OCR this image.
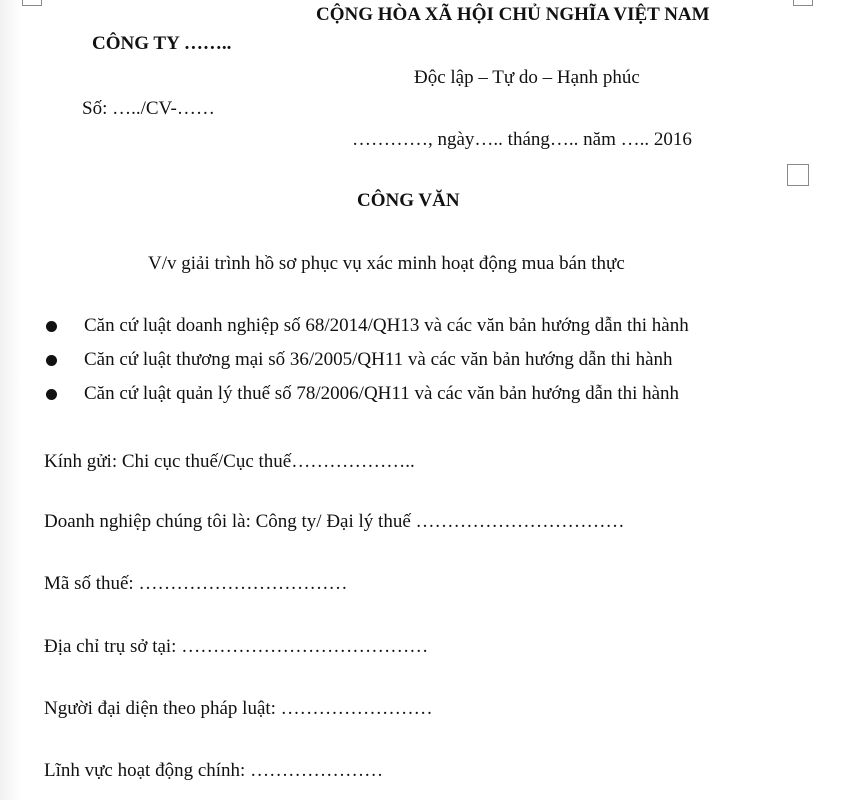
CỘNG HÒA XÃ HỘI CHỦ NGHĨA VIỆT NAM
CÔNG TY ……..
Độc lập – Tự do – Hạnh phúc
Số: …../CV-……
…………, ngày….. tháng….. năm ….. 2016
CÔNG VĂN
V/v giải trình hồ sơ phục vụ xác minh hoạt động mua bán thực
Căn cứ luật doanh nghiệp số 68/2014/QH13 và các văn bản hướng dẫn thi hành
Căn cứ luật thương mại số 36/2005/QH11 và các văn bản hướng dẫn thi hành
Căn cứ luật quản lý thuế số 78/2006/QH11 và các văn bản hướng dẫn thi hành
Kính gửi: Chi cục thuế/Cục thuế………………..
Doanh nghiệp chúng tôi là: Công ty/ Đại lý thuế ……………………………
Mã số thuế: ……………………………
Địa chỉ trụ sở tại: …………………………………
Người đại diện theo pháp luật: ……………………
Lĩnh vực hoạt động chính: …………………
